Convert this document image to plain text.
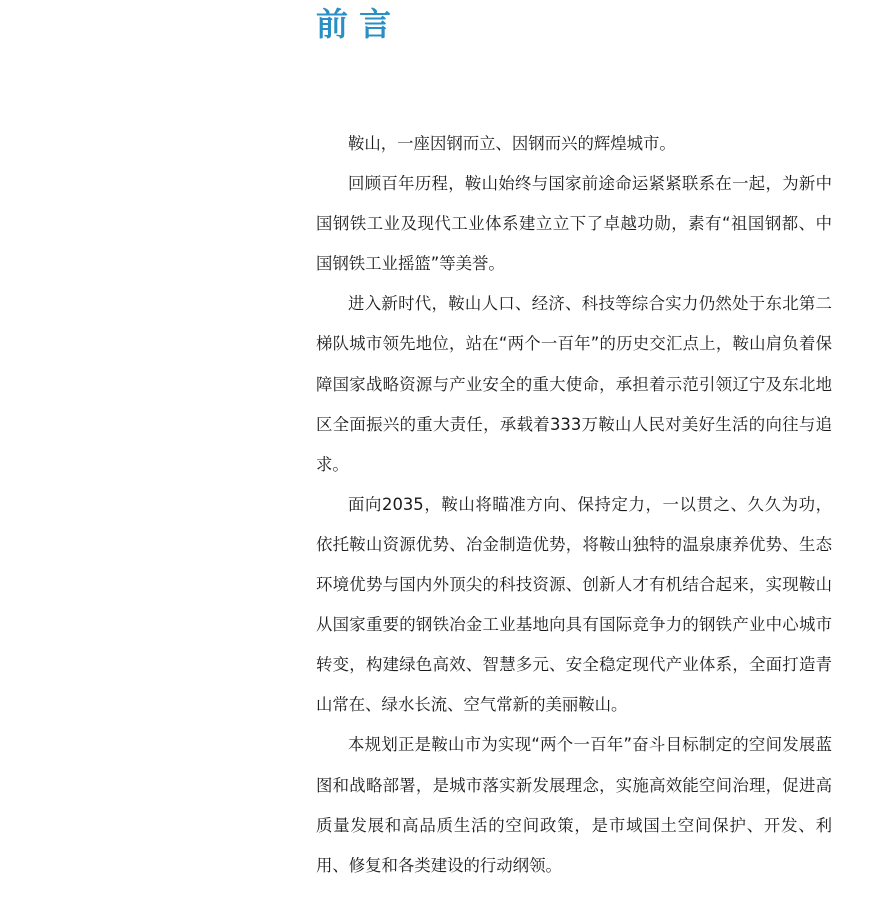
前 言

鞍山，一座因钢而立、因钢而兴的辉煌城市。

回顾百年历程，鞍山始终与国家前途命运紧紧联系在一起，为新中国钢铁工业及现代工业体系建立立下了卓越功勋，素有“祖国钢都、中国钢铁工业摇篮”等美誉。

进入新时代，鞍山人口、经济、科技等综合实力仍然处于东北第二梯队城市领先地位，站在“两个一百年”的历史交汇点上，鞍山肩负着保障国家战略资源与产业安全的重大使命，承担着示范引领辽宁及东北地区全面振兴的重大责任，承载着333万鞍山人民对美好生活的向往与追求。

面向2035，鞍山将瞄准方向、保持定力，一以贯之、久久为功，依托鞍山资源优势、冶金制造优势，将鞍山独特的温泉康养优势、生态环境优势与国内外顶尖的科技资源、创新人才有机结合起来，实现鞍山从国家重要的钢铁冶金工业基地向具有国际竞争力的钢铁产业中心城市转变，构建绿色高效、智慧多元、安全稳定现代产业体系，全面打造青山常在、绿水长流、空气常新的美丽鞍山。

本规划正是鞍山市为实现“两个一百年”奋斗目标制定的空间发展蓝图和战略部署，是城市落实新发展理念，实施高效能空间治理，促进高质量发展和高品质生活的空间政策，是市域国土空间保护、开发、利用、修复和各类建设的行动纲领。
